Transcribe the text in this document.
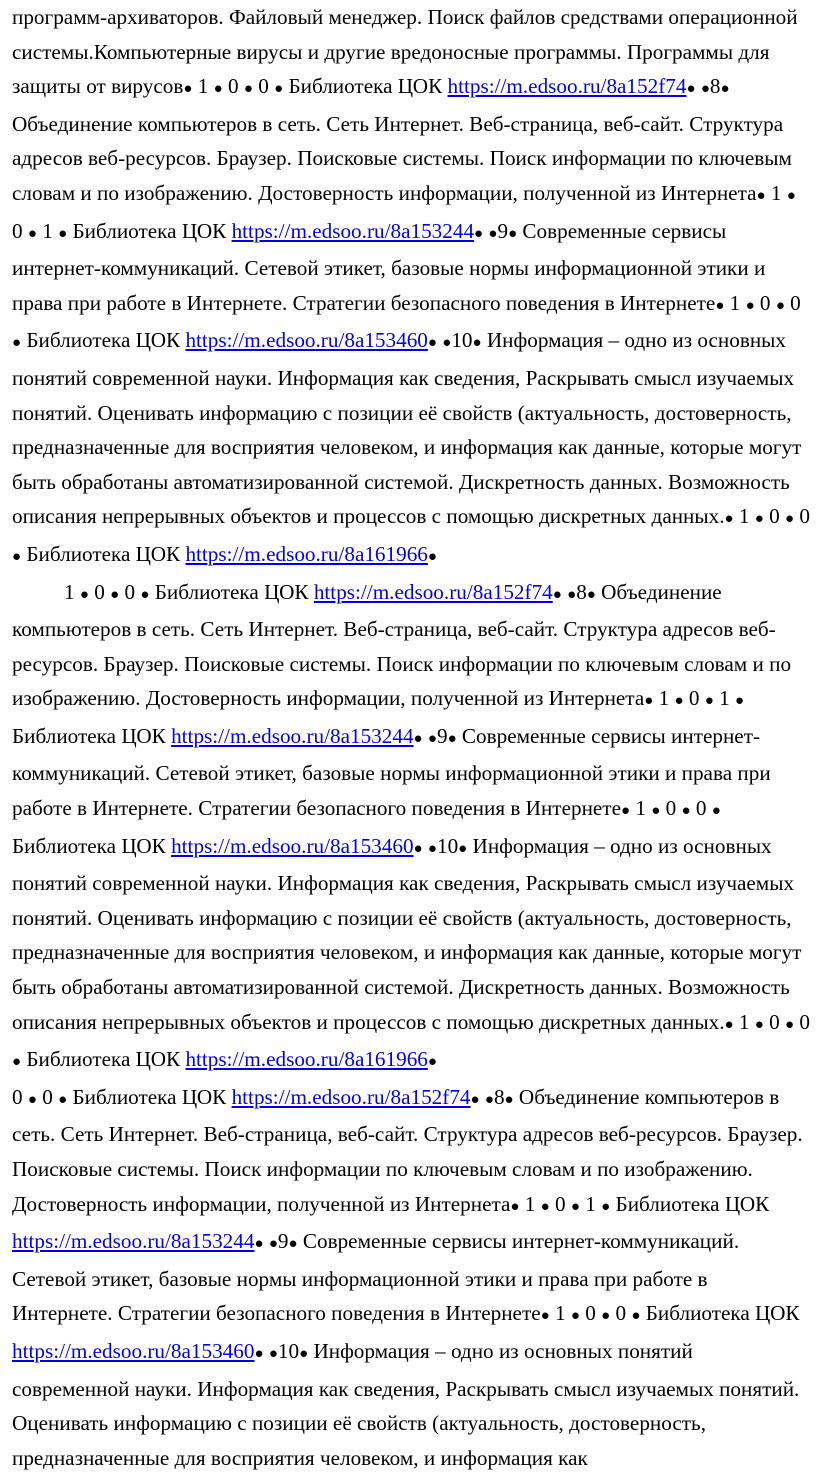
программ-архиваторов. Файловый менеджер. Поиск файлов средствами операционной системы.Компьютерные вирусы и другие вредоносные программы. Программы для защиты от вирусов● 1 ● 0 ● 0 ● Библиотека ЦОК https://m.edsoo.ru/8a152f74● ●8● Объединение компьютеров в сеть. Сеть Интернет. Веб-страница, веб-сайт. Структура адресов веб-ресурсов. Браузер. Поисковые системы. Поиск информации по ключевым словам и по изображению. Достоверность информации, полученной из Интернета● 1 ● 0 ● 1 ● Библиотека ЦОК https://m.edsoo.ru/8a153244● ●9● Современные сервисы интернет-коммуникаций. Сетевой этикет, базовые нормы информационной этики и права при работе в Интернете. Стратегии безопасного поведения в Интернете● 1 ● 0 ● 0 ● Библиотека ЦОК https://m.edsoo.ru/8a153460● ●10● Информация – одно из основных понятий современной науки. Информация как сведения, Раскрывать смысл изучаемых понятий. Оценивать информацию с позиции её свойств (актуальность, достоверность, предназначенные для восприятия человеком, и информация как данные, которые могут быть обработаны автоматизированной системой. Дискретность данных. Возможность описания непрерывных объектов и процессов с помощью дискретных данных.● 1 ● 0 ● 0 ● Библиотека ЦОК https://m.edsoo.ru/8a161966●

1 ● 0 ● 0 ● Библиотека ЦОК https://m.edsoo.ru/8a152f74● ●8● Объединение компьютеров в сеть. Сеть Интернет. Веб-страница, веб-сайт. Структура адресов веб-ресурсов. Браузер. Поисковые системы. Поиск информации по ключевым словам и по изображению. Достоверность информации, полученной из Интернета● 1 ● 0 ● 1 ● Библиотека ЦОК https://m.edsoo.ru/8a153244● ●9● Современные сервисы интернет-коммуникаций. Сетевой этикет, базовые нормы информационной этики и права при работе в Интернете. Стратегии безопасного поведения в Интернете● 1 ● 0 ● 0 ● Библиотека ЦОК https://m.edsoo.ru/8a153460● ●10● Информация – одно из основных понятий современной науки. Информация как сведения, Раскрывать смысл изучаемых понятий. Оценивать информацию с позиции её свойств (актуальность, достоверность, предназначенные для восприятия человеком, и информация как данные, которые могут быть обработаны автоматизированной системой. Дискретность данных. Возможность описания непрерывных объектов и процессов с помощью дискретных данных.● 1 ● 0 ● 0 ● Библиотека ЦОК https://m.edsoo.ru/8a161966●

0 ● 0 ● Библиотека ЦОК https://m.edsoo.ru/8a152f74● ●8● Объединение компьютеров в сеть. Сеть Интернет. Веб-страница, веб-сайт. Структура адресов веб-ресурсов. Браузер. Поисковые системы. Поиск информации по ключевым словам и по изображению. Достоверность информации, полученной из Интернета● 1 ● 0 ● 1 ● Библиотека ЦОК https://m.edsoo.ru/8a153244● ●9● Современные сервисы интернет-коммуникаций. Сетевой этикет, базовые нормы информационной этики и права при работе в Интернете. Стратегии безопасного поведения в Интернете● 1 ● 0 ● 0 ● Библиотека ЦОК https://m.edsoo.ru/8a153460● ●10● Информация – одно из основных понятий современной науки. Информация как сведения, Раскрывать смысл изучаемых понятий. Оценивать информацию с позиции её свойств (актуальность, достоверность, предназначенные для восприятия человеком, и информация как
